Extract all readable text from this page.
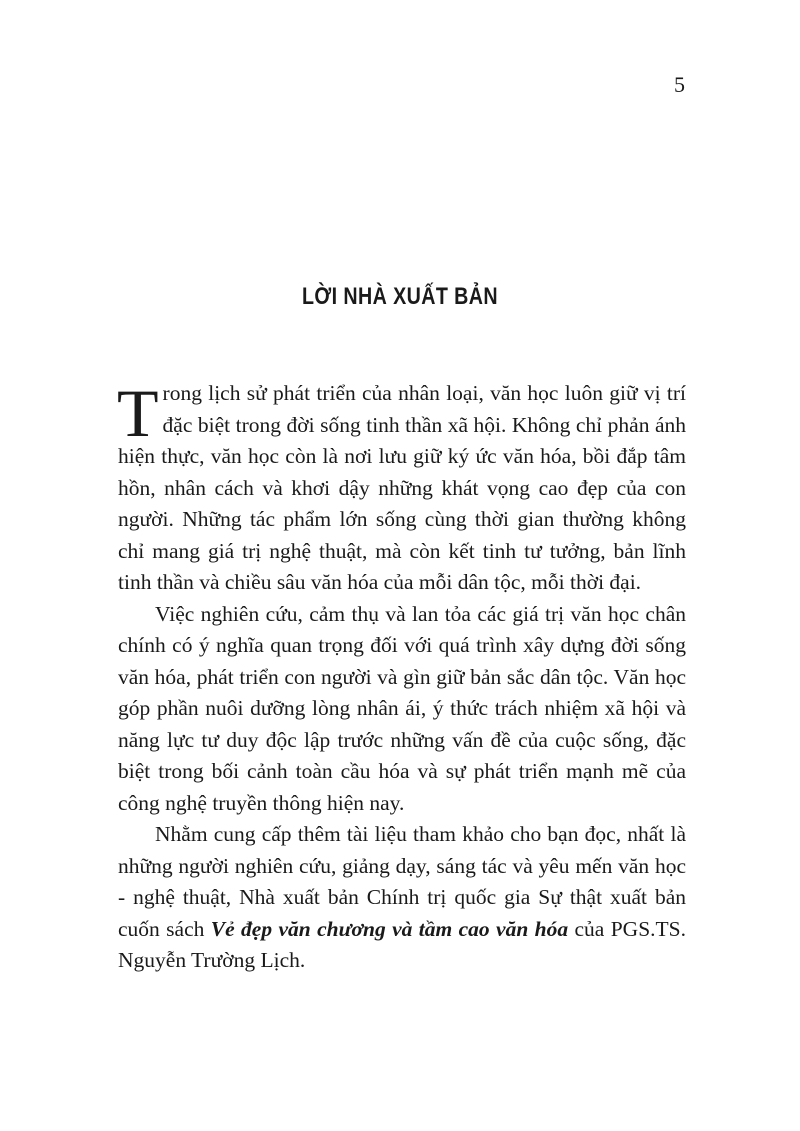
5
LỜI NHÀ XUẤT BẢN

Trong lịch sử phát triển của nhân loại, văn học luôn giữ vị trí đặc biệt trong đời sống tinh thần xã hội. Không chỉ phản ánh hiện thực, văn học còn là nơi lưu giữ ký ức văn hóa, bồi đắp tâm hồn, nhân cách và khơi dậy những khát vọng cao đẹp của con người. Những tác phẩm lớn sống cùng thời gian thường không chỉ mang giá trị nghệ thuật, mà còn kết tinh tư tưởng, bản lĩnh tinh thần và chiều sâu văn hóa của mỗi dân tộc, mỗi thời đại.

Việc nghiên cứu, cảm thụ và lan tỏa các giá trị văn học chân chính có ý nghĩa quan trọng đối với quá trình xây dựng đời sống văn hóa, phát triển con người và gìn giữ bản sắc dân tộc. Văn học góp phần nuôi dưỡng lòng nhân ái, ý thức trách nhiệm xã hội và năng lực tư duy độc lập trước những vấn đề của cuộc sống, đặc biệt trong bối cảnh toàn cầu hóa và sự phát triển mạnh mẽ của công nghệ truyền thông hiện nay.

Nhằm cung cấp thêm tài liệu tham khảo cho bạn đọc, nhất là những người nghiên cứu, giảng dạy, sáng tác và yêu mến văn học - nghệ thuật, Nhà xuất bản Chính trị quốc gia Sự thật xuất bản cuốn sách Vẻ đẹp văn chương và tầm cao văn hóa của PGS.TS. Nguyễn Trường Lịch.
